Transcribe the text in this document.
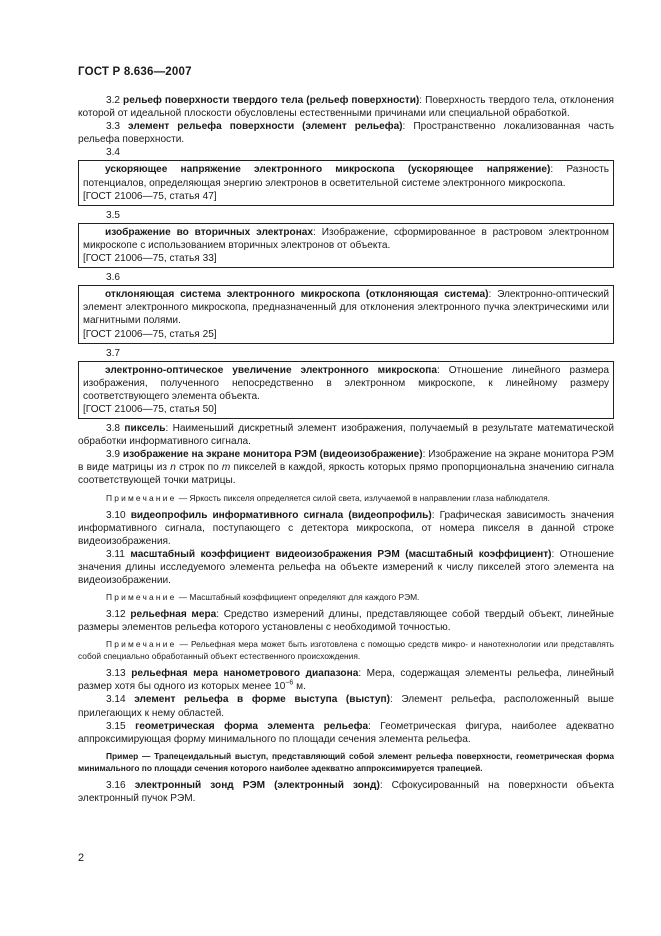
ГОСТ Р 8.636—2007

3.2 рельеф поверхности твердого тела (рельеф поверхности): Поверхность твердого тела, отклонения которой от идеальной плоскости обусловлены естественными причинами или специальной обработкой.

3.3 элемент рельефа поверхности (элемент рельефа): Пространственно локализованная часть рельефа поверхности.

3.4

ускоряющее напряжение электронного микроскопа (ускоряющее напряжение): Разность потенциалов, определяющая энергию электронов в осветительной системе электронного микроскопа.

[ГОСТ 21006—75, статья 47]
3.5

изображение во вторичных электронах: Изображение, сформированное в растровом электронном микроскопе с использованием вторичных электронов от объекта.

[ГОСТ 21006—75, статья 33]
3.6

отклоняющая система электронного микроскопа (отклоняющая система): Электронно-оптический элемент электронного микроскопа, предназначенный для отклонения электронного пучка электрическими или магнитными полями.

[ГОСТ 21006—75, статья 25]
3.7

электронно-оптическое увеличение электронного микроскопа: Отношение линейного размера изображения, полученного непосредственно в электронном микроскопе, к линейному размеру соответствующего элемента объекта.

[ГОСТ 21006—75, статья 50]

3.8 пиксель: Наименьший дискретный элемент изображения, получаемый в результате математической обработки информативного сигнала.

3.9 изображение на экране монитора РЭМ (видеоизображение): Изображение на экране монитора РЭМ в виде матрицы из n строк по m пикселей в каждой, яркость которых прямо пропорциональна значению сигнала соответствующей точки матрицы.

Примечание — Яркость пикселя определяется силой света, излучаемой в направлении глаза наблюдателя.

3.10 видеопрофиль информативного сигнала (видеопрофиль): Графическая зависимость значения информативного сигнала, поступающего с детектора микроскопа, от номера пикселя в данной строке видеоизображения.

3.11 масштабный коэффициент видеоизображения РЭМ (масштабный коэффициент): Отношение значения длины исследуемого элемента рельефа на объекте измерений к числу пикселей этого элемента на видеоизображении.

Примечание — Масштабный коэффициент определяют для каждого РЭМ.

3.12 рельефная мера: Средство измерений длины, представляющее собой твердый объект, линейные размеры элементов рельефа которого установлены с необходимой точностью.

Примечание — Рельефная мера может быть изготовлена с помощью средств микро- и нанотехнологии или представлять собой специально обработанный объект естественного происхождения.

3.13 рельефная мера нанометрового диапазона: Мера, содержащая элементы рельефа, линейный размер хотя бы одного из которых менее $10^{-6}$ м.

3.14 элемент рельефа в форме выступа (выступ): Элемент рельефа, расположенный выше прилегающих к нему областей.

3.15 геометрическая форма элемента рельефа: Геометрическая фигура, наиболее адекватно аппроксимирующая форму минимального по площади сечения элемента рельефа.

Пример — Трапецеидальный выступ, представляющий собой элемент рельефа поверхности, геометрическая форма минимального по площади сечения которого наиболее адекватно аппроксимируется трапецией.

3.16 электронный зонд РЭМ (электронный зонд): Сфокусированный на поверхности объекта электронный пучок РЭМ.

2
